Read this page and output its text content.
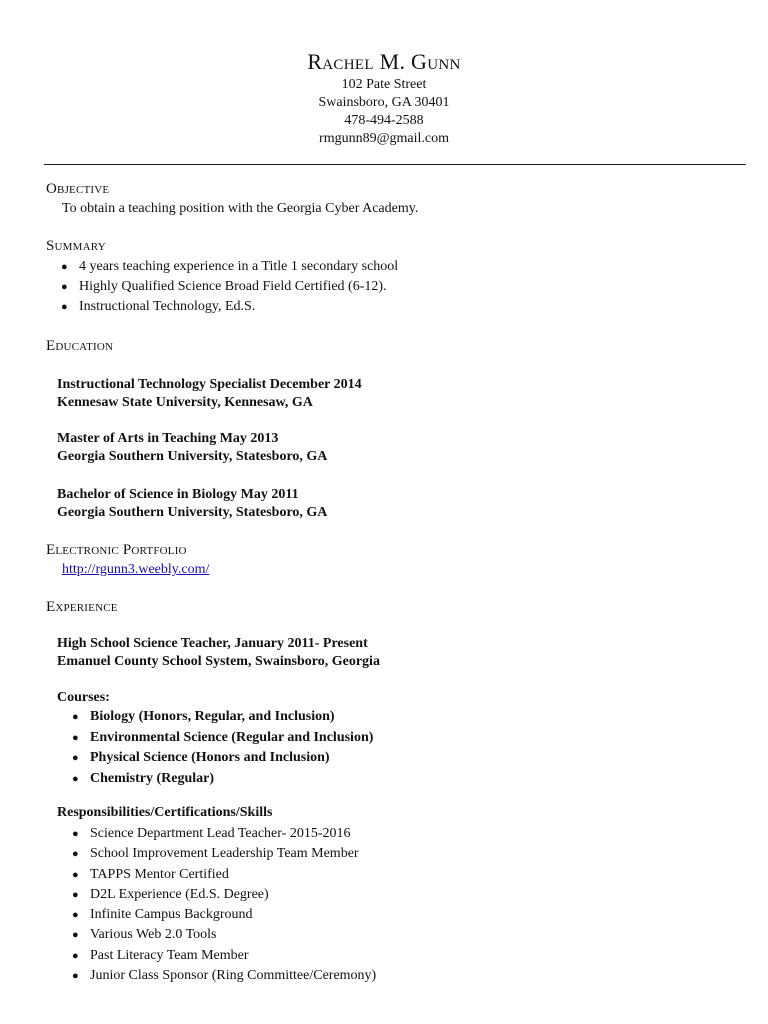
Rachel M. Gunn
102 Pate Street
Swainsboro, GA 30401
478-494-2588
rmgunn89@gmail.com
Objective
To obtain a teaching position with the Georgia Cyber Academy.
Summary
● 4 years teaching experience in a Title 1 secondary school
● Highly Qualified Science Broad Field Certified (6-12).
● Instructional Technology, Ed.S.
Education
Instructional Technology Specialist December 2014
Kennesaw State University, Kennesaw, GA
Master of Arts in Teaching May 2013
Georgia Southern University, Statesboro, GA
Bachelor of Science in Biology May 2011
Georgia Southern University, Statesboro, GA
Electronic Portfolio
http://rgunn3.weebly.com/
Experience
High School Science Teacher, January 2011- Present
Emanuel County School System, Swainsboro, Georgia
Courses:
● Biology (Honors, Regular, and Inclusion)
● Environmental Science (Regular and Inclusion)
● Physical Science (Honors and Inclusion)
● Chemistry (Regular)
Responsibilities/Certifications/Skills
● Science Department Lead Teacher- 2015-2016
● School Improvement Leadership Team Member
● TAPPS Mentor Certified
● D2L Experience (Ed.S. Degree)
● Infinite Campus Background
● Various Web 2.0 Tools
● Past Literacy Team Member
● Junior Class Sponsor (Ring Committee/Ceremony)
